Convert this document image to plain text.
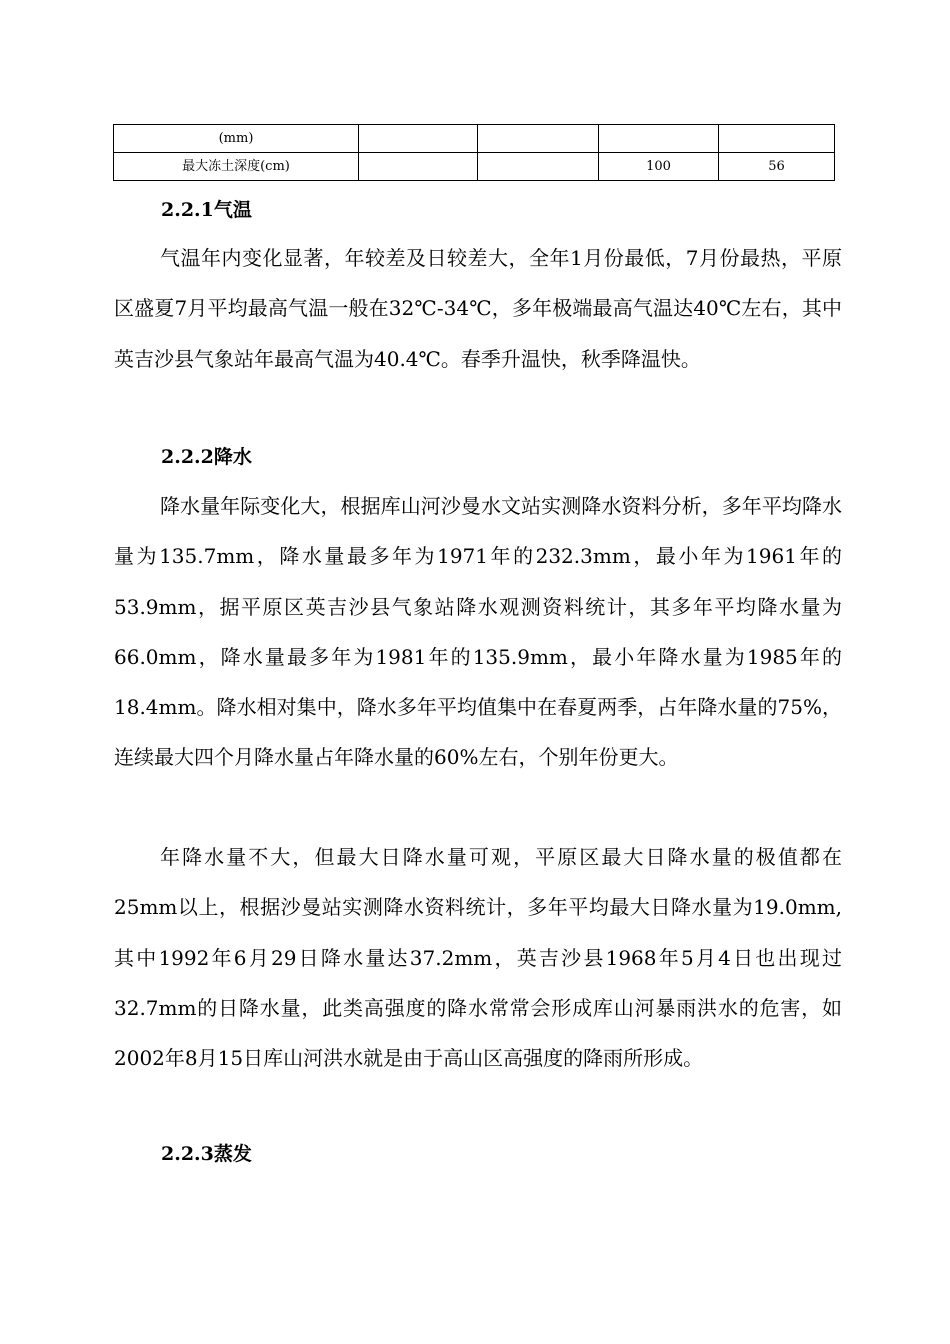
(mm)				
最大冻土深度(cm)			100	56
2.2.1气温
气温年内变化显著，年较差及日较差大，全年1月份最低，7月份最热，平原区盛夏7月平均最高气温一般在32℃-34℃，多年极端最高气温达40℃左右，其中英吉沙县气象站年最高气温为40.4℃。春季升温快，秋季降温快。
2.2.2降水
降水量年际变化大，根据库山河沙曼水文站实测降水资料分析，多年平均降水量为135.7mm，降水量最多年为1971年的232.3mm，最小年为1961年的53.9mm，据平原区英吉沙县气象站降水观测资料统计，其多年平均降水量为66.0mm，降水量最多年为1981年的135.9mm，最小年降水量为1985年的18.4mm。降水相对集中，降水多年平均值集中在春夏两季，占年降水量的75%，连续最大四个月降水量占年降水量的60%左右，个别年份更大。
年降水量不大，但最大日降水量可观，平原区最大日降水量的极值都在25mm以上，根据沙曼站实测降水资料统计，多年平均最大日降水量为19.0mm,其中1992年6月29日降水量达37.2mm，英吉沙县1968年5月4日也出现过32.7mm的日降水量，此类高强度的降水常常会形成库山河暴雨洪水的危害，如2002年8月15日库山河洪水就是由于高山区高强度的降雨所形成。
2.2.3蒸发
